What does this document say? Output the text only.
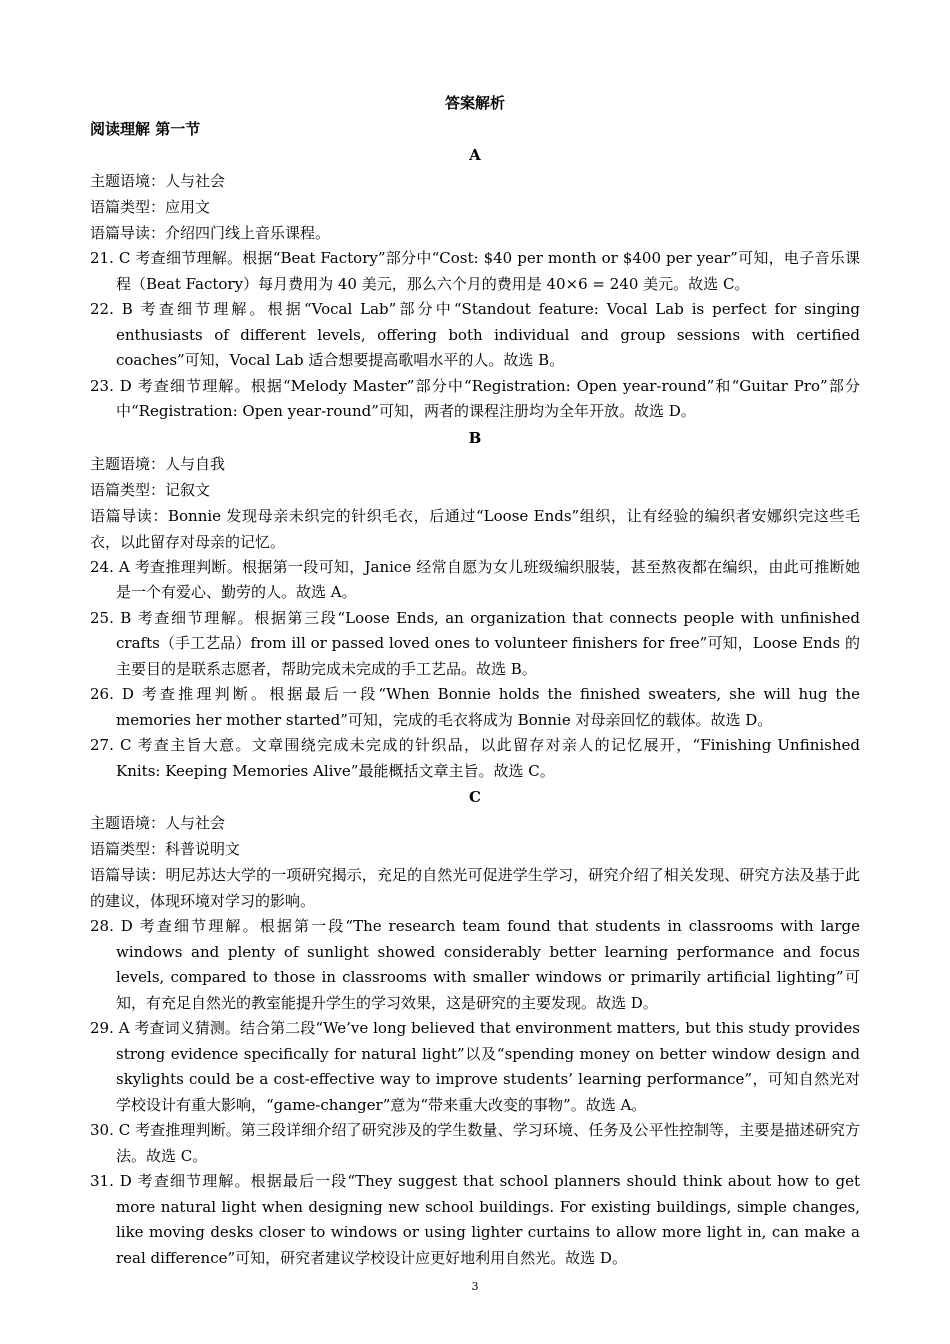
答案解析
阅读理解 第一节
A
主题语境：人与社会
语篇类型：应用文
语篇导读：介绍四门线上音乐课程。
21. C 考查细节理解。根据“Beat Factory”部分中“Cost: $40 per month or $400 per year”可知，电子音乐课程（Beat Factory）每月费用为 40 美元，那么六个月的费用是 40×6 = 240 美元。故选 C。
22. B 考查细节理解。根据“Vocal Lab”部分中“Standout feature: Vocal Lab is perfect for singing enthusiasts of different levels, offering both individual and group sessions with certified coaches”可知，Vocal Lab 适合想要提高歌唱水平的人。故选 B。
23. D 考查细节理解。根据“Melody Master”部分中“Registration: Open year-round”和“Guitar Pro”部分中“Registration: Open year-round”可知，两者的课程注册均为全年开放。故选 D。
B
主题语境：人与自我
语篇类型：记叙文
语篇导读：Bonnie 发现母亲未织完的针织毛衣，后通过“Loose Ends”组织，让有经验的编织者安娜织完这些毛衣，以此留存对母亲的记忆。
24. A 考查推理判断。根据第一段可知，Janice 经常自愿为女儿班级编织服装，甚至熬夜都在编织，由此可推断她是一个有爱心、勤劳的人。故选 A。
25. B 考查细节理解。根据第三段“Loose Ends, an organization that connects people with unfinished crafts（手工艺品）from ill or passed loved ones to volunteer finishers for free”可知，Loose Ends 的主要目的是联系志愿者，帮助完成未完成的手工艺品。故选 B。
26. D 考查推理判断。根据最后一段“When Bonnie holds the finished sweaters, she will hug the memories her mother started”可知，完成的毛衣将成为 Bonnie 对母亲回忆的载体。故选 D。
27. C 考查主旨大意。文章围绕完成未完成的针织品，以此留存对亲人的记忆展开，“Finishing Unfinished Knits: Keeping Memories Alive”最能概括文章主旨。故选 C。
C
主题语境：人与社会
语篇类型：科普说明文
语篇导读：明尼苏达大学的一项研究揭示，充足的自然光可促进学生学习，研究介绍了相关发现、研究方法及基于此的建议，体现环境对学习的影响。
28. D 考查细节理解。根据第一段“The research team found that students in classrooms with large windows and plenty of sunlight showed considerably better learning performance and focus levels, compared to those in classrooms with smaller windows or primarily artificial lighting”可知，有充足自然光的教室能提升学生的学习效果，这是研究的主要发现。故选 D。
29. A 考查词义猜测。结合第二段“We’ve long believed that environment matters, but this study provides strong evidence specifically for natural light”以及“spending money on better window design and skylights could be a cost-effective way to improve students’ learning performance”，可知自然光对学校设计有重大影响，“game-changer”意为“带来重大改变的事物”。故选 A。
30. C 考查推理判断。第三段详细介绍了研究涉及的学生数量、学习环境、任务及公平性控制等，主要是描述研究方法。故选 C。
31. D 考查细节理解。根据最后一段“They suggest that school planners should think about how to get more natural light when designing new school buildings. For existing buildings, simple changes, like moving desks closer to windows or using lighter curtains to allow more light in, can make a real difference”可知，研究者建议学校设计应更好地利用自然光。故选 D。
3
